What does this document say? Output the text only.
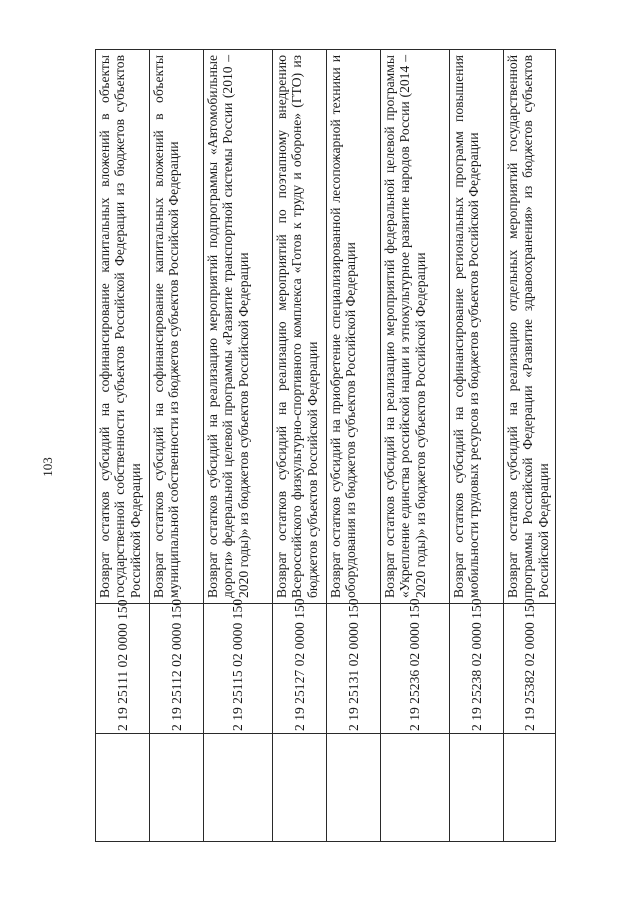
103
	2 19 25111 02 0000 150	Возврат остатков субсидий на софинансирование капитальных вложений в объекты государственной собственности субъектов Российской Федерации из бюджетов субъектов Российской Федерации
	2 19 25112 02 0000 150	Возврат остатков субсидий на софинансирование капитальных вложений в объекты муниципальной собственности из бюджетов субъектов Российской Федерации
	2 19 25115 02 0000 150	Возврат остатков субсидий на реализацию мероприятий подпрограммы «Автомобильные дороги» федеральной целевой программы «Развитие транспортной системы России (2010 – 2020 годы)» из бюджетов субъектов Российской Федерации
	2 19 25127 02 0000 150	Возврат остатков субсидий на реализацию мероприятий по поэтапному внедрению Всероссийского физкультурно-спортивного комплекса «Готов к труду и обороне» (ГТО) из бюджетов субъектов Российской Федерации
	2 19 25131 02 0000 150	Возврат остатков субсидий на приобретение специализированной лесопожарной техники и оборудования из бюджетов субъектов Российской Федерации
	2 19 25236 02 0000 150	Возврат остатков субсидий на реализацию мероприятий федеральной целевой программы «Укрепление единства российской нации и этнокультурное развитие народов России (2014 – 2020 годы)» из бюджетов субъектов Российской Федерации
	2 19 25238 02 0000 150	Возврат остатков субсидий на софинансирование региональных программ повышения мобильности трудовых ресурсов из бюджетов субъектов Российской Федерации
	2 19 25382 02 0000 150	Возврат остатков субсидий на реализацию отдельных мероприятий государственной программы Российской Федерации «Развитие здравоохранения» из бюджетов субъектов Российской Федерации
